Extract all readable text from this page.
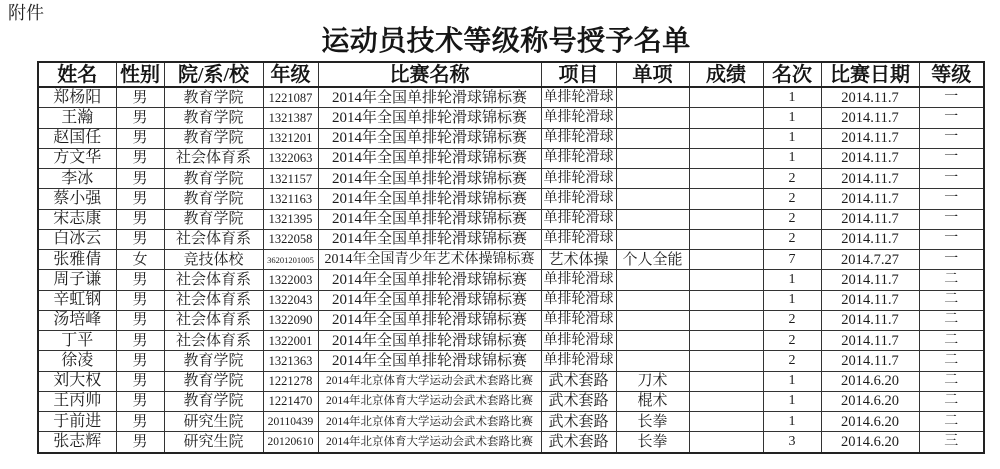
附件
运动员技术等级称号授予名单
姓名	性别	院/系/校	年级	比赛名称	项目	单项	成绩	名次	比赛日期	等级
郑杨阳	男	教育学院	1221087	2014年全国单排轮滑球锦标赛	单排轮滑球			1	2014.11.7	一
王瀚	男	教育学院	1321387	2014年全国单排轮滑球锦标赛	单排轮滑球			1	2014.11.7	一
赵国任	男	教育学院	1321201	2014年全国单排轮滑球锦标赛	单排轮滑球			1	2014.11.7	一
方文华	男	社会体育系	1322063	2014年全国单排轮滑球锦标赛	单排轮滑球			1	2014.11.7	一
李冰	男	教育学院	1321157	2014年全国单排轮滑球锦标赛	单排轮滑球			2	2014.11.7	一
蔡小强	男	教育学院	1321163	2014年全国单排轮滑球锦标赛	单排轮滑球			2	2014.11.7	一
宋志康	男	教育学院	1321395	2014年全国单排轮滑球锦标赛	单排轮滑球			2	2014.11.7	一
白冰云	男	社会体育系	1322058	2014年全国单排轮滑球锦标赛	单排轮滑球			2	2014.11.7	一
张雅倩	女	竞技体校	36201201005	2014年全国青少年艺术体操锦标赛	艺术体操	个人全能		7	2014.7.27	一
周子谦	男	社会体育系	1322003	2014年全国单排轮滑球锦标赛	单排轮滑球			1	2014.11.7	二
辛虹钢	男	社会体育系	1322043	2014年全国单排轮滑球锦标赛	单排轮滑球			1	2014.11.7	二
汤培峰	男	社会体育系	1322090	2014年全国单排轮滑球锦标赛	单排轮滑球			2	2014.11.7	二
丁平	男	社会体育系	1322001	2014年全国单排轮滑球锦标赛	单排轮滑球			2	2014.11.7	二
徐凌	男	教育学院	1321363	2014年全国单排轮滑球锦标赛	单排轮滑球			2	2014.11.7	二
刘大权	男	教育学院	1221278	2014年北京体育大学运动会武术套路比赛	武术套路	刀术		1	2014.6.20	二
王丙帅	男	教育学院	1221470	2014年北京体育大学运动会武术套路比赛	武术套路	棍术		1	2014.6.20	二
于前进	男	研究生院	20110439	2014年北京体育大学运动会武术套路比赛	武术套路	长拳		1	2014.6.20	二
张志辉	男	研究生院	20120610	2014年北京体育大学运动会武术套路比赛	武术套路	长拳		3	2014.6.20	三
